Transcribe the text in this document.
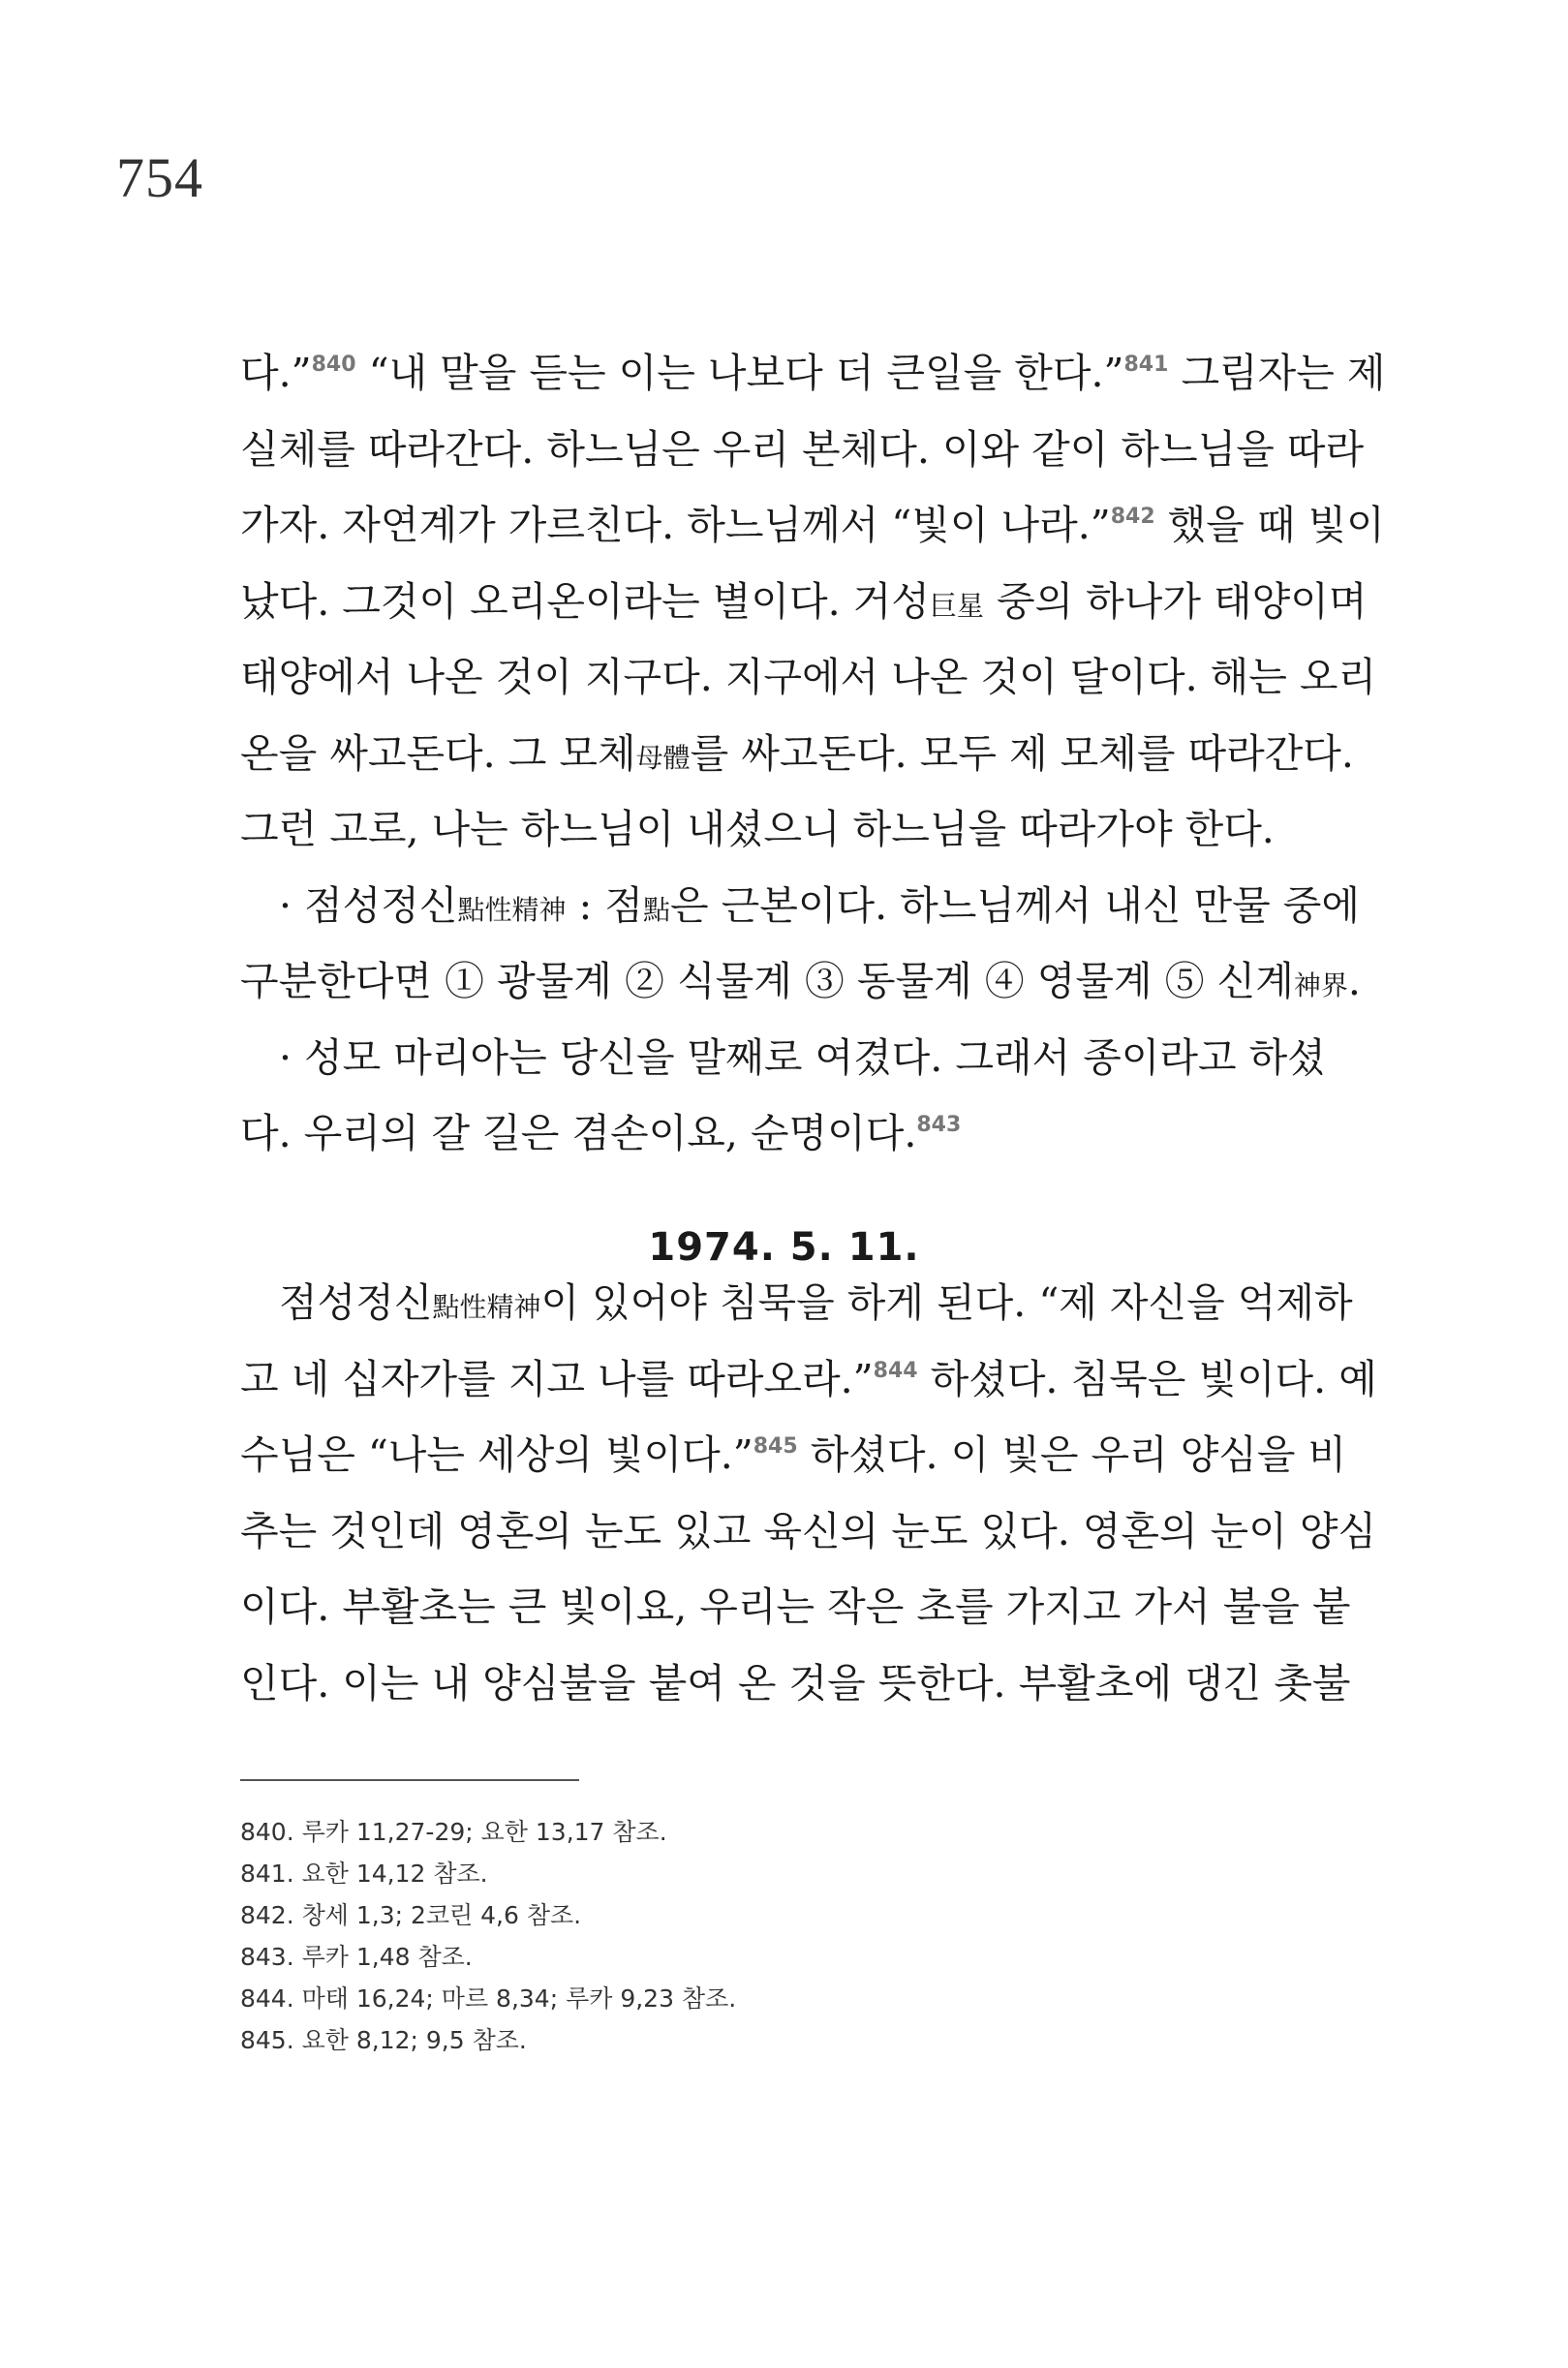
754
다.”$^{840}$ “내 말을 듣는 이는 나보다 더 큰일을 한다.”$^{841}$ 그림자는 제
실체를 따라간다. 하느님은 우리 본체다. 이와 같이 하느님을 따라
가자. 자연계가 가르친다. 하느님께서 “빛이 나라.”$^{842}$ 했을 때 빛이
났다. 그것이 오리온이라는 별이다. 거성巨星 중의 하나가 태양이며
태양에서 나온 것이 지구다. 지구에서 나온 것이 달이다. 해는 오리
온을 싸고돈다. 그 모체母體를 싸고돈다. 모두 제 모체를 따라간다.
그런 고로, 나는 하느님이 내셨으니 하느님을 따라가야 한다.
· 점성정신點性精神 : 점點은 근본이다. 하느님께서 내신 만물 중에
구분한다면 ① 광물계 ② 식물계 ③ 동물계 ④ 영물계 ⑤ 신계神界.
· 성모 마리아는 당신을 말째로 여겼다. 그래서 종이라고 하셨
다. 우리의 갈 길은 겸손이요, 순명이다.$^{843}$
1974. 5. 11.
점성정신點性精神이 있어야 침묵을 하게 된다. “제 자신을 억제하
고 네 십자가를 지고 나를 따라오라.”$^{844}$ 하셨다. 침묵은 빛이다. 예
수님은 “나는 세상의 빛이다.”$^{845}$ 하셨다. 이 빛은 우리 양심을 비
추는 것인데 영혼의 눈도 있고 육신의 눈도 있다. 영혼의 눈이 양심
이다. 부활초는 큰 빛이요, 우리는 작은 초를 가지고 가서 불을 붙
인다. 이는 내 양심불을 붙여 온 것을 뜻한다. 부활초에 댕긴 촛불
840. 루카 11,27-29; 요한 13,17 참조.
841. 요한 14,12 참조.
842. 창세 1,3; 2코린 4,6 참조.
843. 루카 1,48 참조.
844. 마태 16,24; 마르 8,34; 루카 9,23 참조.
845. 요한 8,12; 9,5 참조.
